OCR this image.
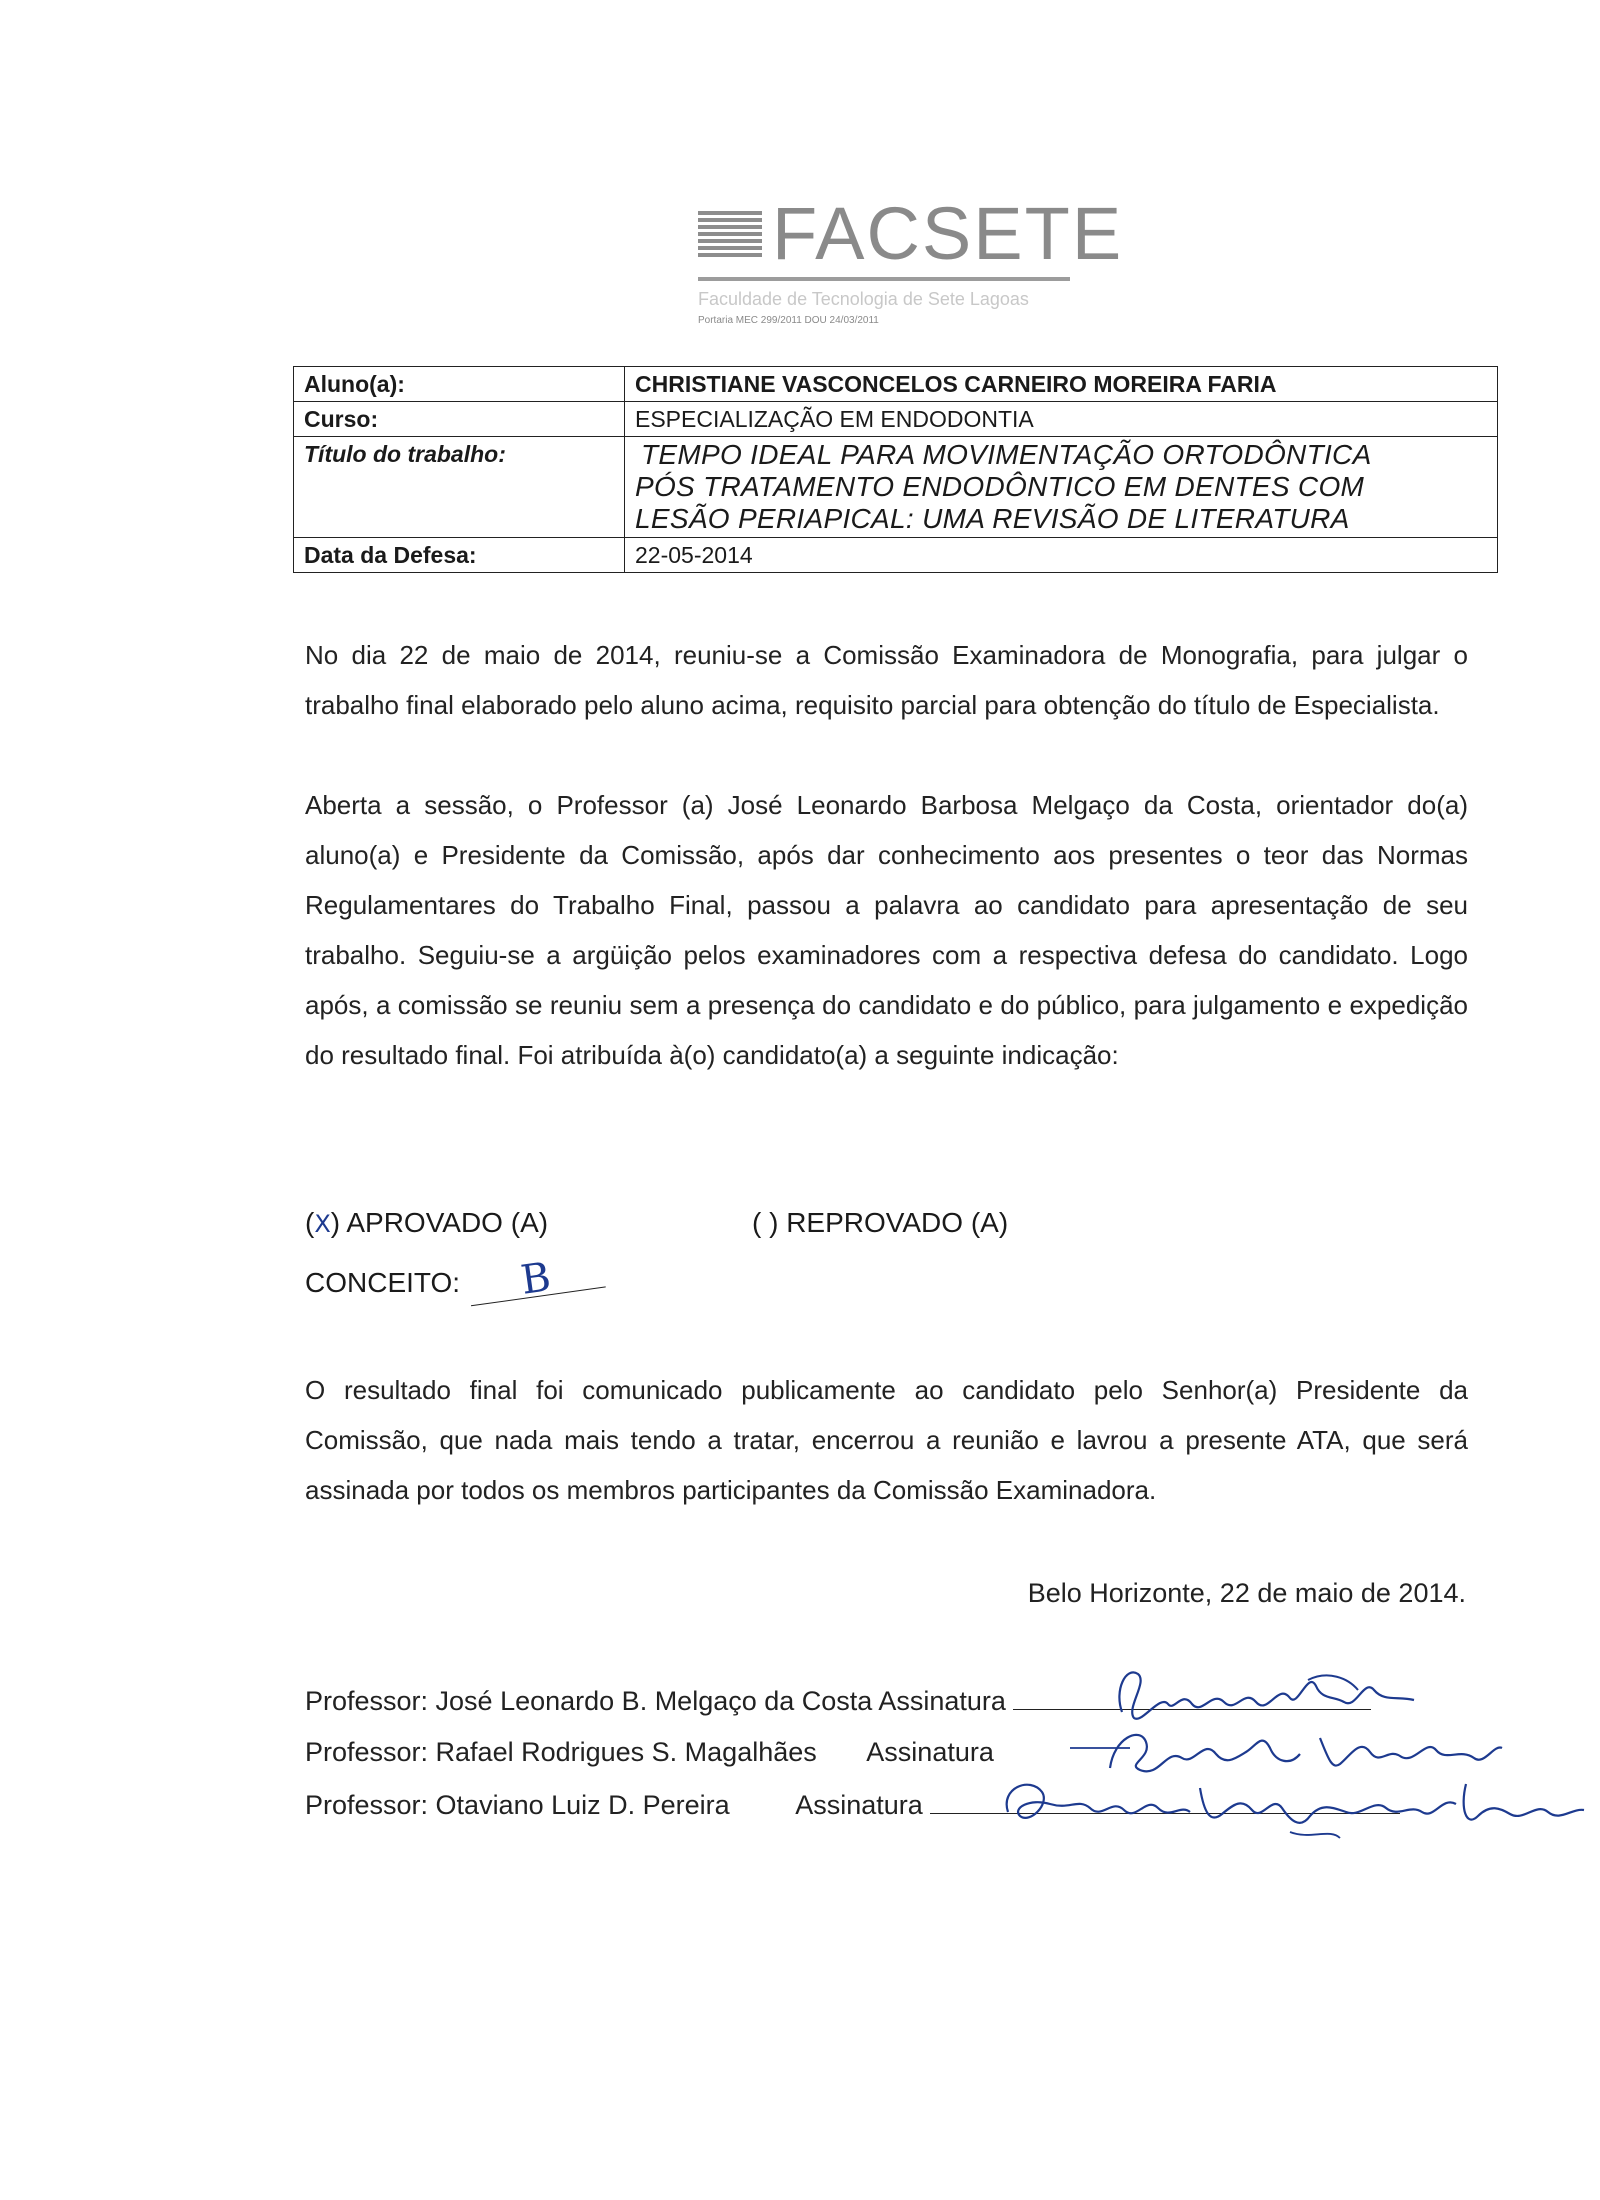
FACSETE
Faculdade de Tecnologia de Sete Lagoas
Portaria MEC 299/2011 DOU 24/03/2011
Aluno(a):	CHRISTIANE VASCONCELOS CARNEIRO MOREIRA FARIA
Curso:	ESPECIALIZAÇÃO EM ENDODONTIA
Título do trabalho:	TEMPO IDEAL PARA MOVIMENTAÇÃO ORTODÔNTICA
PÓS TRATAMENTO ENDODÔNTICO EM DENTES COM
LESÃO PERIAPICAL: UMA REVISÃO DE LITERATURA

Data da Defesa:	22-05-2014
No dia 22 de maio de 2014, reuniu-se a Comissão Examinadora de Monografia, para julgar o trabalho final elaborado pelo aluno acima, requisito parcial para obtenção do título de Especialista.
Aberta a sessão, o Professor (a) José Leonardo Barbosa Melgaço da Costa, orientador do(a) aluno(a) e Presidente da Comissão, após dar conhecimento aos presentes o teor das Normas Regulamentares do Trabalho Final, passou a palavra ao candidato para apresentação de seu trabalho. Seguiu-se a argüição pelos examinadores com a respectiva defesa do candidato. Logo após, a comissão se reuniu sem a presença do candidato e do público, para julgamento e expedição do resultado final. Foi atribuída à(o) candidato(a) a seguinte indicação:
(X) APROVADO (A)	( ) REPROVADO (A)
CONCEITO: B
O resultado final foi comunicado publicamente ao candidato pelo Senhor(a) Presidente da Comissão, que nada mais tendo a tratar, encerrou a reunião e lavrou a presente ATA, que será assinada por todos os membros participantes da Comissão Examinadora.
Belo Horizonte, 22 de maio de 2014.
Professor: José Leonardo B. Melgaço da Costa Assinatura
Professor: Rafael Rodrigues S. Magalhães Assinatura
Professor: Otaviano Luiz D. Pereira Assinatura
